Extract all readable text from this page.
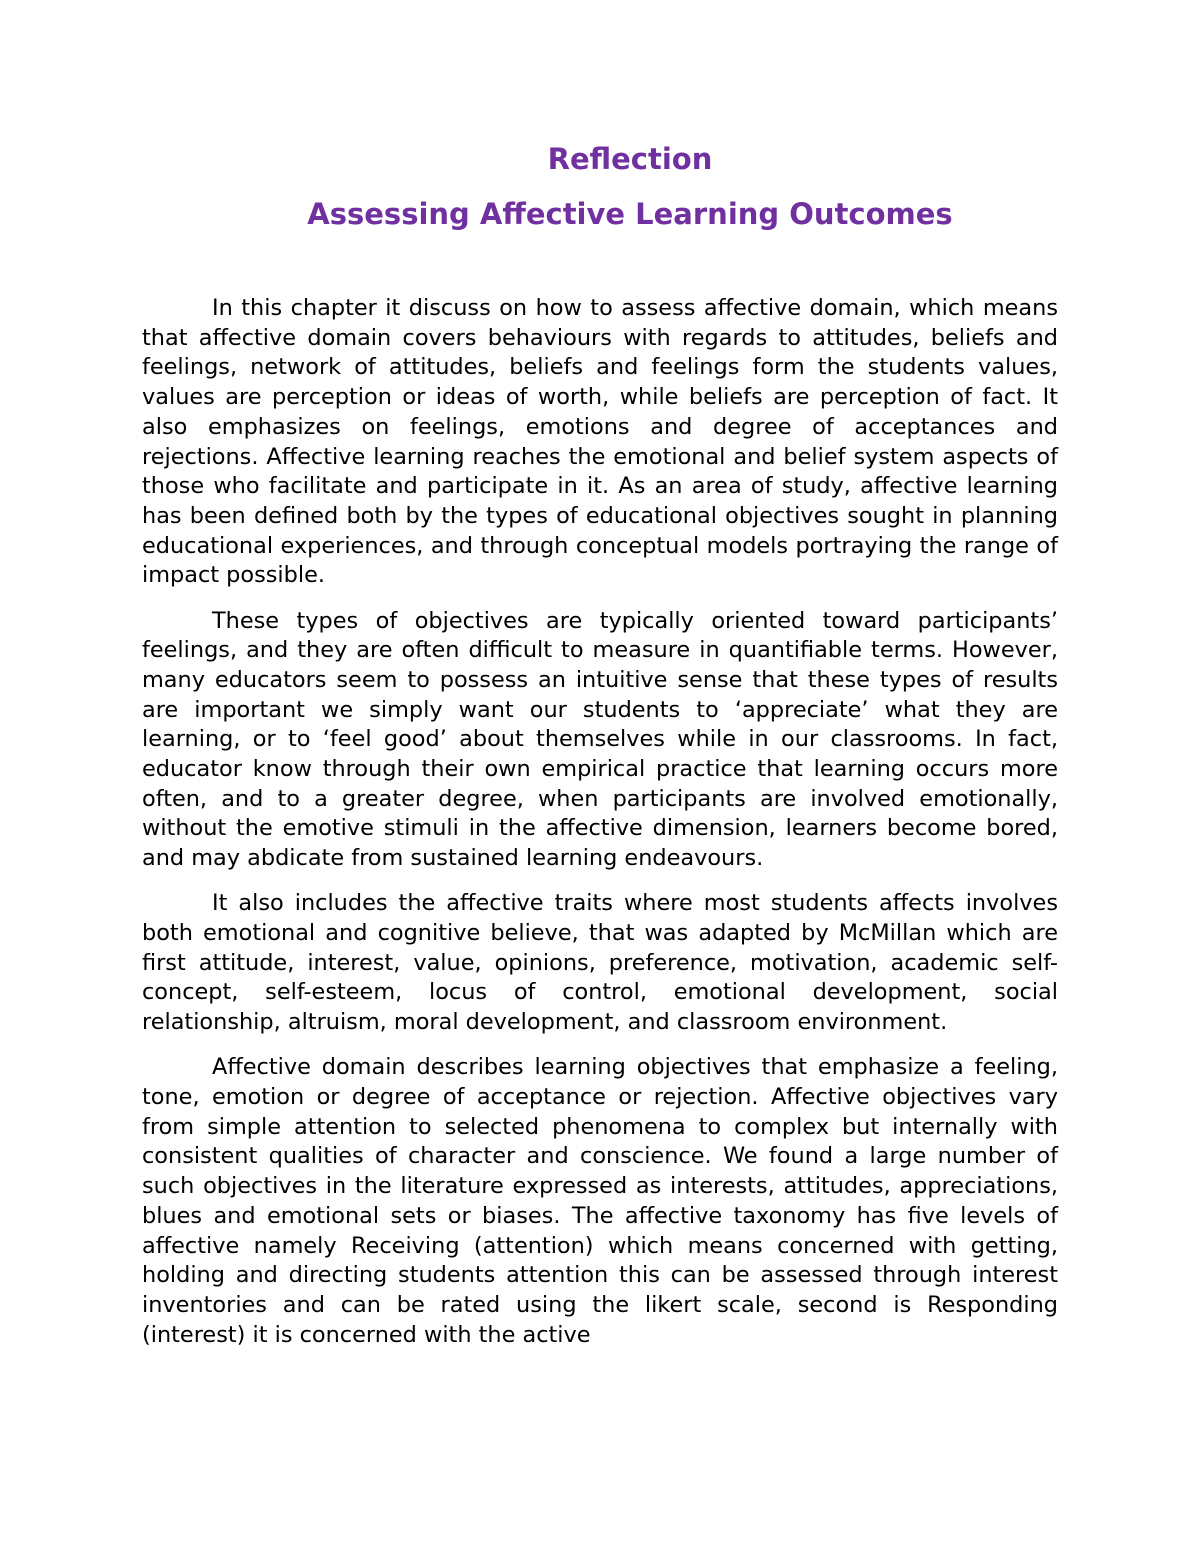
Reflection
Assessing Affective Learning Outcomes

In this chapter it discuss on how to assess affective domain, which means that affective domain covers behaviours with regards to attitudes, beliefs and feelings, network of attitudes, beliefs and feelings form the students values, values are perception or ideas of worth, while beliefs are perception of fact. It also emphasizes on feelings, emotions and degree of acceptances and rejections. Affective learning reaches the emotional and belief system aspects of those who facilitate and participate in it. As an area of study, affective learning has been defined both by the types of educational objectives sought in planning educational experiences, and through conceptual models portraying the range of impact possible.

These types of objectives are typically oriented toward participants’ feelings, and they are often difficult to measure in quantifiable terms. However, many educators seem to possess an intuitive sense that these types of results are important we simply want our students to ‘appreciate’ what they are learning, or to ‘feel good’ about themselves while in our classrooms. In fact, educator know through their own empirical practice that learning occurs more often, and to a greater degree, when participants are involved emotionally, without the emotive stimuli in the affective dimension, learners become bored, and may abdicate from sustained learning endeavours.

It also includes the affective traits where most students affects involves both emotional and cognitive believe, that was adapted by McMillan which are first attitude, interest, value, opinions, preference, motivation, academic self-concept, self-esteem, locus of control, emotional development, social relationship, altruism, moral development, and classroom environment.

Affective domain describes learning objectives that emphasize a feeling, tone, emotion or degree of acceptance or rejection. Affective objectives vary from simple attention to selected phenomena to complex but internally with consistent qualities of character and conscience. We found a large number of such objectives in the literature expressed as interests, attitudes, appreciations, blues and emotional sets or biases. The affective taxonomy has five levels of affective namely Receiving (attention) which means concerned with getting, holding and directing students attention this can be assessed through interest inventories and can be rated using the likert scale, second is Responding (interest) it is concerned with the active
